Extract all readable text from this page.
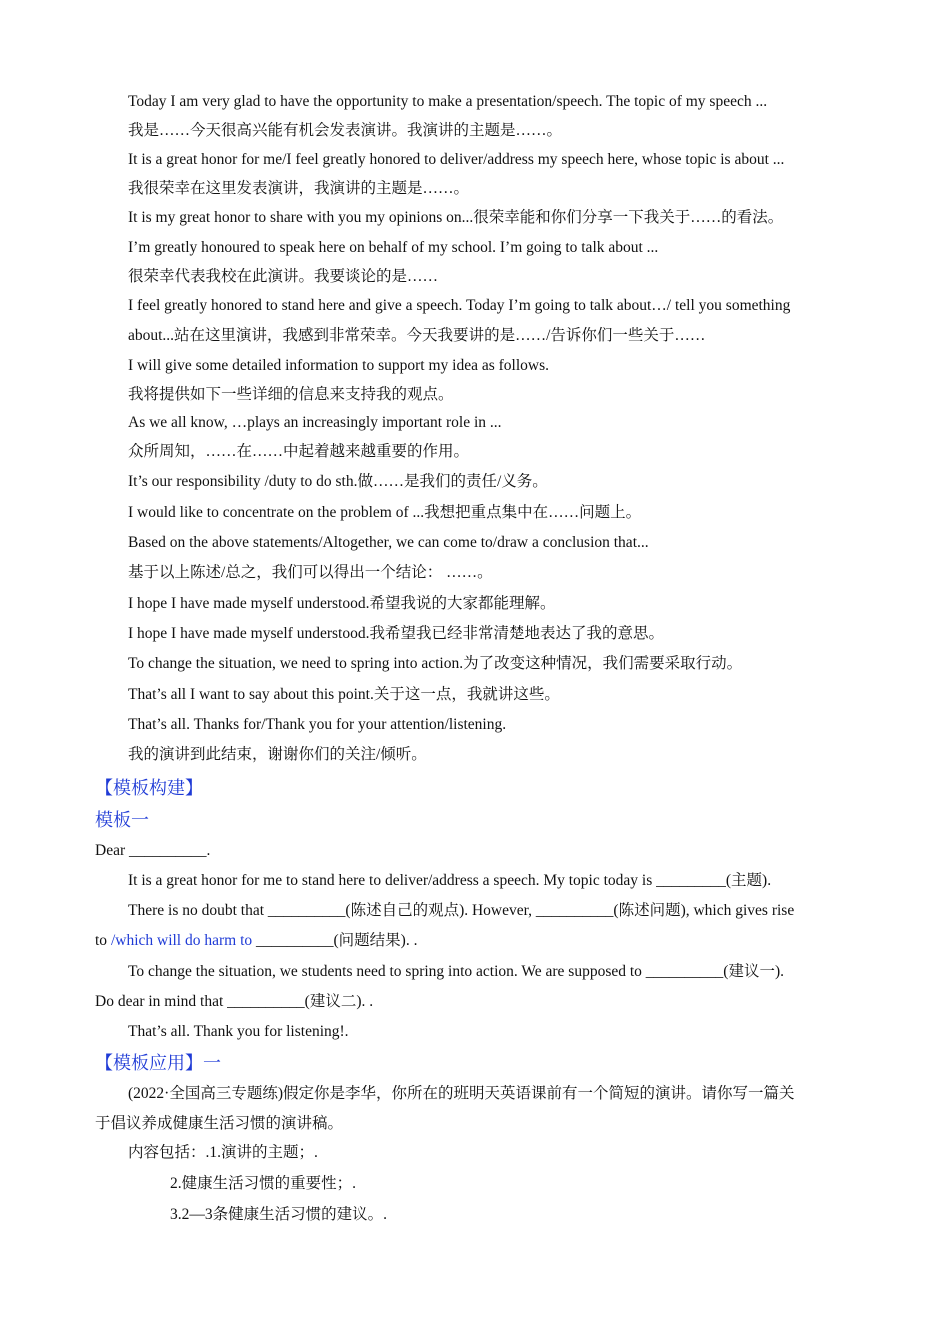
Today I am very glad to have the opportunity to make a presentation/speech. The topic of my speech ...
我是……今天很高兴能有机会发表演讲。我演讲的主题是……。
It is a great honor for me/I feel greatly honored to deliver/address my speech here, whose topic is about ...
我很荣幸在这里发表演讲，我演讲的主题是……。
It is my great honor to share with you my opinions on...很荣幸能和你们分享一下我关于……的看法。
I’m greatly honoured to speak here on behalf of my school. I’m going to talk about ...
很荣幸代表我校在此演讲。我要谈论的是……
I feel greatly honored to stand here and give a speech. Today I’m going to talk about…/ tell you something
about...站在这里演讲，我感到非常荣幸。今天我要讲的是……/告诉你们一些关于……
I will give some detailed information to support my idea as follows.
我将提供如下一些详细的信息来支持我的观点。
As we all know, …plays an increasingly important role in ...
众所周知，……在……中起着越来越重要的作用。
It’s our responsibility /duty to do sth.做……是我们的责任/义务。
I would like to concentrate on the problem of ...我想把重点集中在……问题上。
Based on the above statements/Altogether, we can come to/draw a conclusion that...
基于以上陈述/总之，我们可以得出一个结论： ……。
I hope I have made myself understood.希望我说的大家都能理解。
I hope I have made myself understood.我希望我已经非常清楚地表达了我的意思。
To change the situation, we need to spring into action.为了改变这种情况，我们需要采取行动。
That’s all I want to say about this point.关于这一点，我就讲这些。
That’s all. Thanks for/Thank you for your attention/listening.
我的演讲到此结束，谢谢你们的关注/倾听。
【模板构建】
模板一
Dear __________.
It is a great honor for me to stand here to deliver/address a speech. My topic today is _________(主题).
There is no doubt that __________(陈述自己的观点). However, __________(陈述问题), which gives rise
to /which will do harm to __________(问题结果). .
To change the situation, we students need to spring into action. We are supposed to __________(建议一).
Do dear in mind that __________(建议二). .
That’s all. Thank you for listening!.
【模板应用】一
(2022·全国高三专题练)假定你是李华，你所在的班明天英语课前有一个简短的演讲。请你写一篇关
于倡议养成健康生活习惯的演讲稿。
内容包括：.1.演讲的主题；.
2.健康生活习惯的重要性；.
3.2—3条健康生活习惯的建议。.
